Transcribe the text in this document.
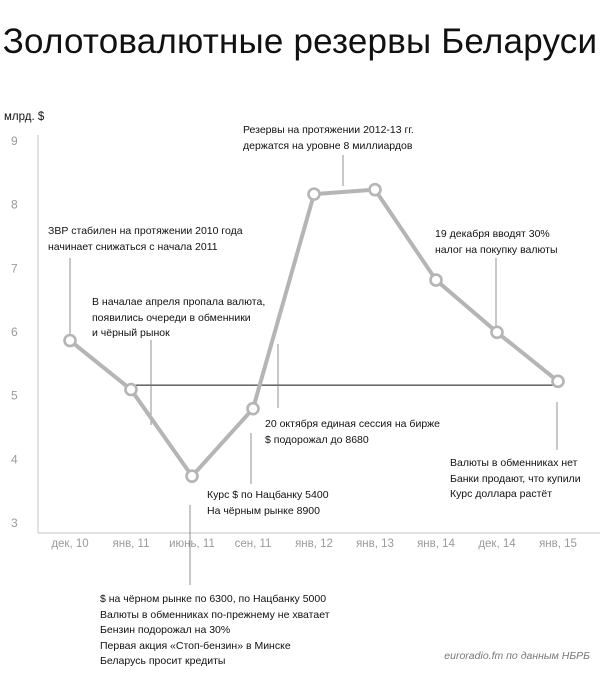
Золотовалютные резервы Беларуси
млрд. $
3
4
5
6
7
8
9
дек, 10 янв, 11 июнь, 11 сен, 11 янв, 12 янв, 13 янв, 14 дек, 14 янв, 15
ЗВР стабилен на протяжении 2010 года
начинает снижаться с начала 2011
В началае апреля пропала валюта,
появились очереди в обменники
и чёрный рынок
$ на чёрном рынке по 6300, по Нацбанку 5000
Валюты в обменниках по-прежнему не хватает
Бензин подорожал на 30%
Первая акция «Стоп-бензин» в Минске
Беларусь просит кредиты
Курс $ по Нацбанку 5400
На чёрным рынке 8900
20 октября единая сессия на бирже
$ подорожал до 8680
Резервы на протяжении 2012-13 гг.
держатся на уровне 8 миллиардов
19 декабря вводят 30%
налог на покупку валюты
Валюты в обменниках нет
Банки продают, что купили
Курс доллара растёт
euroradio.fm по данным НБРБ
